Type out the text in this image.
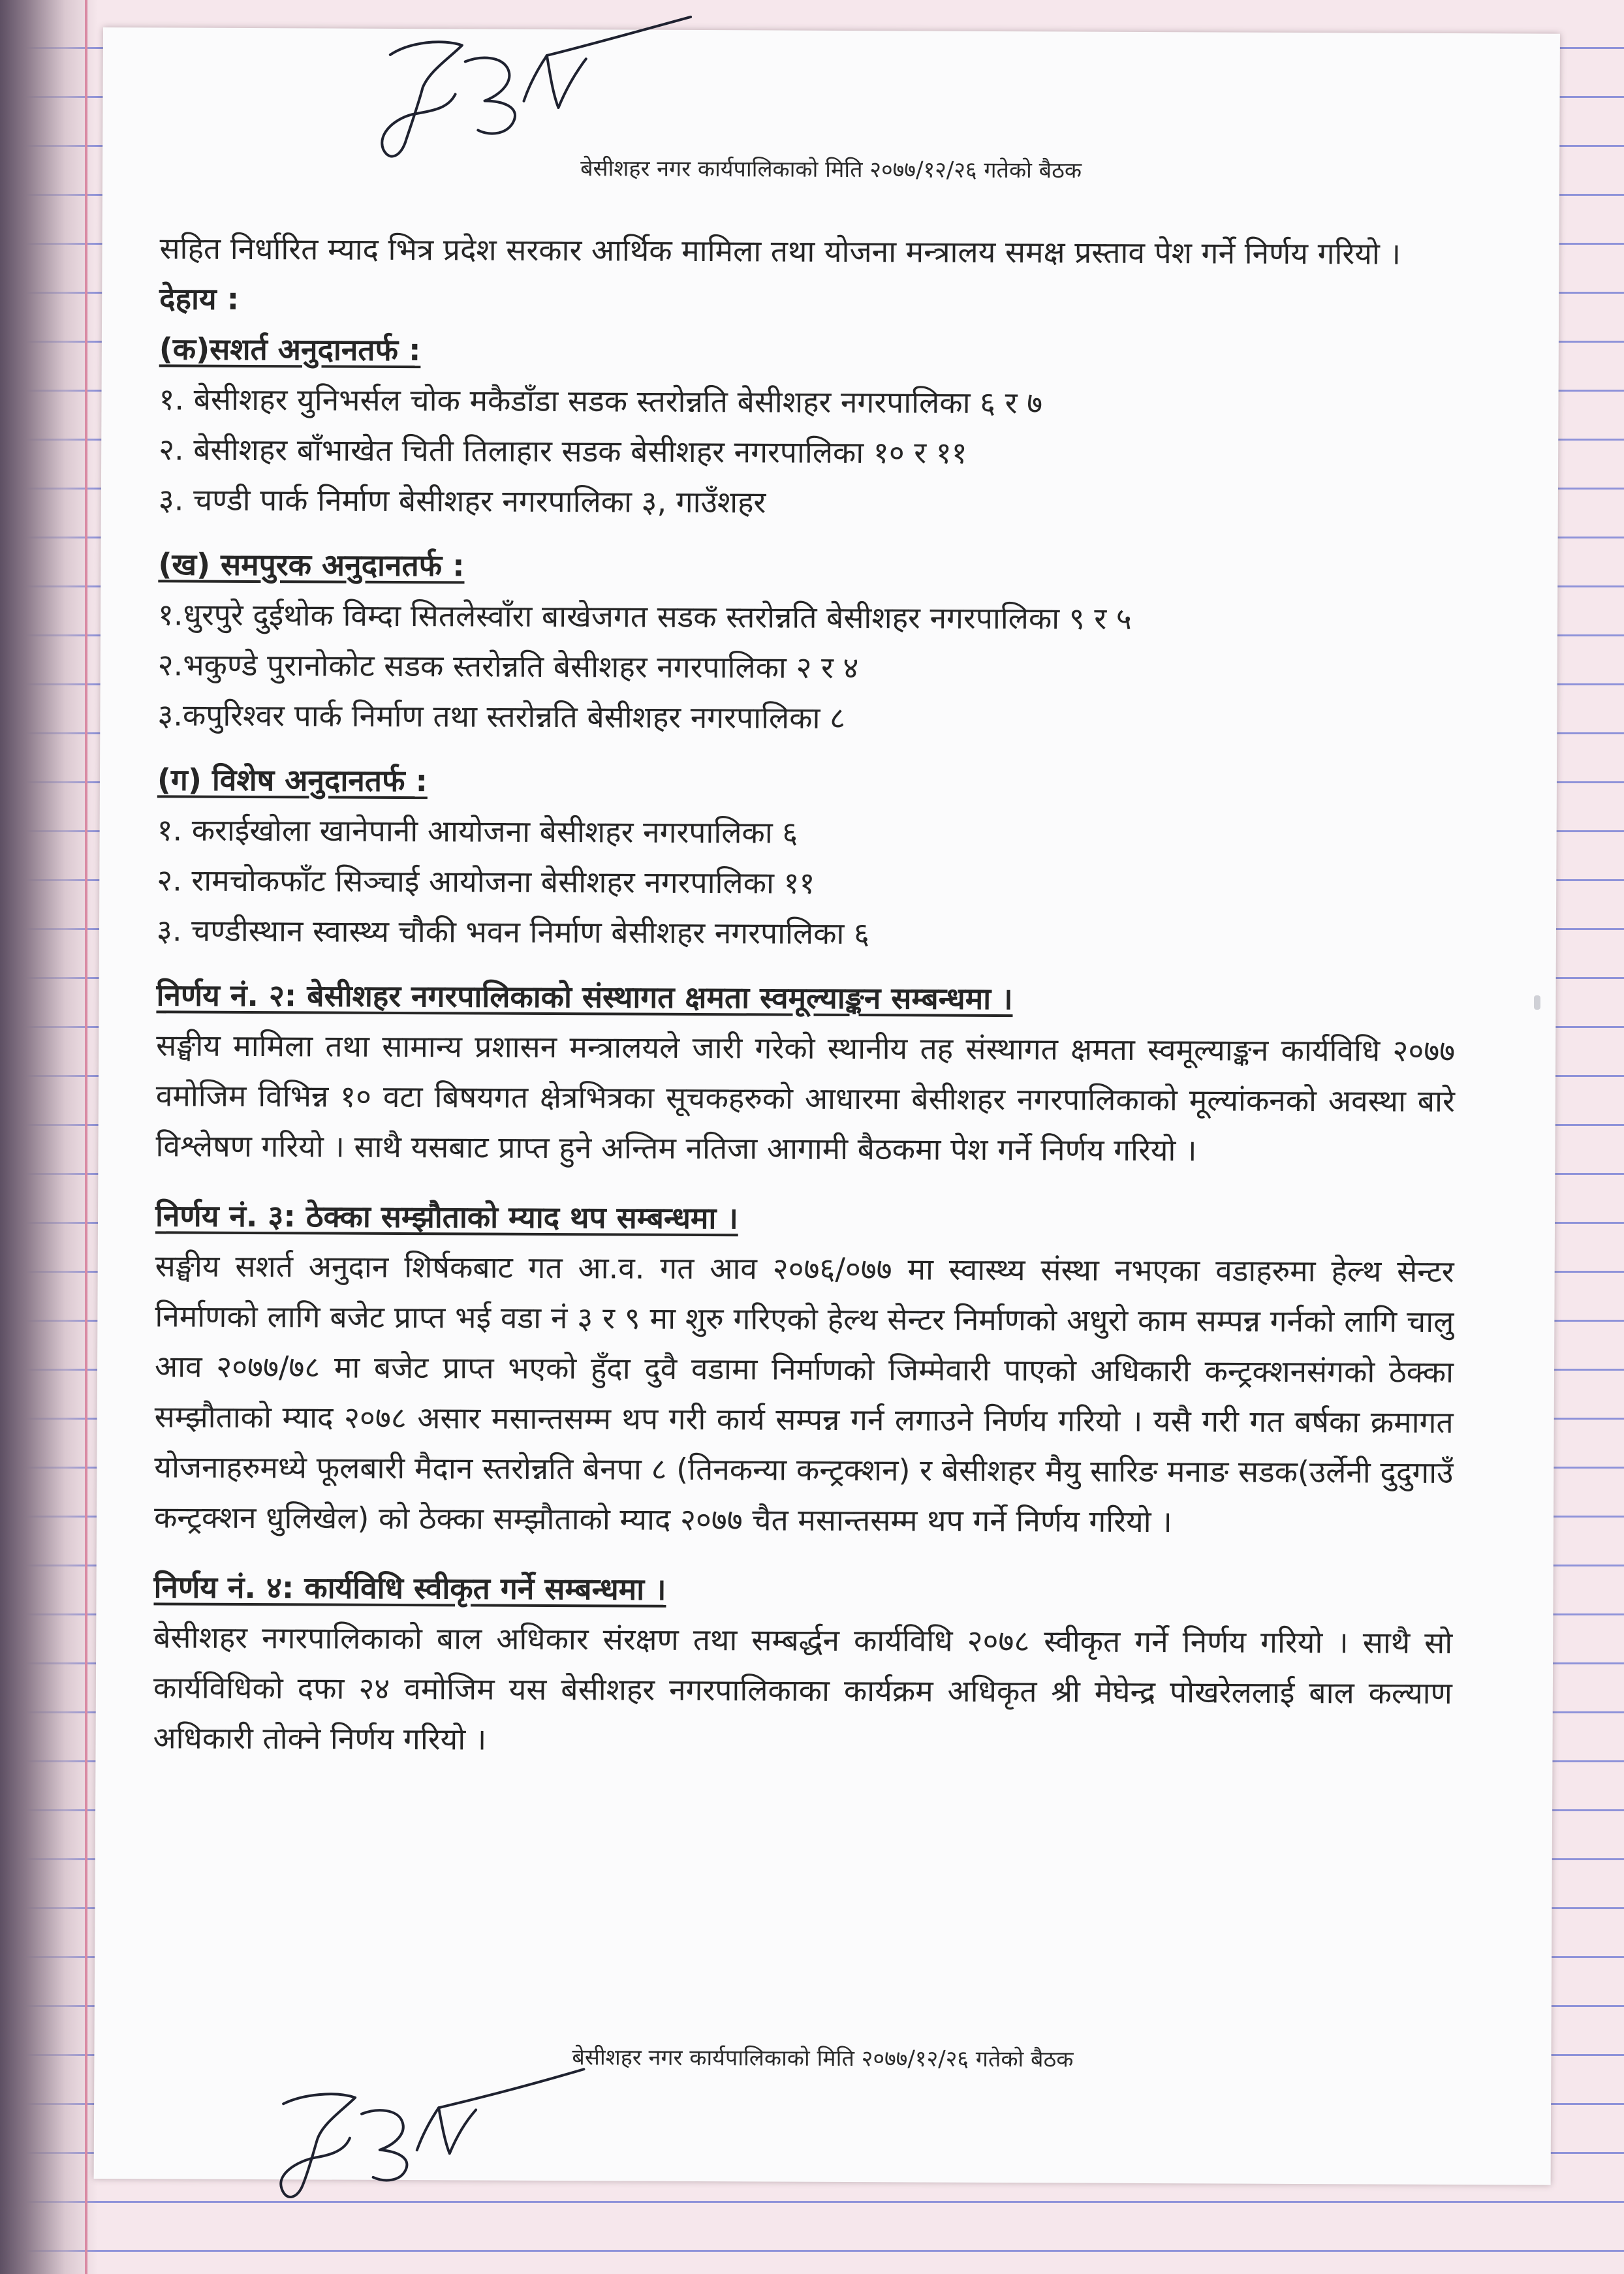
बेसीशहर नगर कार्यपालिकाको मिति २०७७/१२/२६ गतेको बैठक

सहित निर्धारित म्याद भित्र प्रदेश सरकार आर्थिक मामिला तथा योजना मन्त्रालय समक्ष प्रस्ताव पेश गर्ने निर्णय गरियो ।

देहाय :

(क)सशर्त अनुदानतर्फ :

१. बेसीशहर युनिभर्सल चोक मकैडाँडा सडक स्तरोन्नति बेसीशहर नगरपालिका ६ र ७
२. बेसीशहर बाँभाखेत चिती तिलाहार सडक बेसीशहर नगरपालिका १० र ११
३. चण्डी पार्क निर्माण बेसीशहर नगरपालिका ३, गाउँशहर

(ख) समपुरक अनुदानतर्फ :

१.धुरपुरे दुईथोक विम्दा सितलेस्वाँरा बाखेजगत सडक स्तरोन्नति बेसीशहर नगरपालिका ९ र ५
२.भकुण्डे पुरानोकोट सडक स्तरोन्नति बेसीशहर नगरपालिका २ र ४
३.कपुरिश्वर पार्क निर्माण तथा स्तरोन्नति बेसीशहर नगरपालिका ८

(ग) विशेष अनुदानतर्फ :

१. कराईखोला खानेपानी आयोजना बेसीशहर नगरपालिका ६
२. रामचोकफाँट सिञ्चाई आयोजना बेसीशहर नगरपालिका ११
३. चण्डीस्थान स्वास्थ्य चौकी भवन निर्माण बेसीशहर नगरपालिका ६

निर्णय नं. २: बेसीशहर नगरपालिकाको संस्थागत क्षमता स्वमूल्याङ्कन सम्बन्धमा ।

सङ्घीय मामिला तथा सामान्य प्रशासन मन्त्रालयले जारी गरेको स्थानीय तह संस्थागत क्षमता स्वमूल्याङ्कन कार्यविधि २०७७ वमोजिम विभिन्न १० वटा बिषयगत क्षेत्रभित्रका सूचकहरुको आधारमा बेसीशहर नगरपालिकाको मूल्यांकनको अवस्था बारे विश्लेषण गरियो । साथै यसबाट प्राप्त हुने अन्तिम नतिजा आगामी बैठकमा पेश गर्ने निर्णय गरियो ।

निर्णय नं. ३: ठेक्का सम्झौताको म्याद थप सम्बन्धमा ।

सङ्घीय सशर्त अनुदान शिर्षकबाट गत आ.व. गत आव २०७६/०७७ मा स्वास्थ्य संस्था नभएका वडाहरुमा हेल्थ सेन्टर निर्माणको लागि बजेट प्राप्त भई वडा नं ३ र ९ मा शुरु गरिएको हेल्थ सेन्टर निर्माणको अधुरो काम सम्पन्न गर्नको लागि चालु आव २०७७/७८ मा बजेट प्राप्त भएको हुँदा दुवै वडामा निर्माणको जिम्मेवारी पाएको अधिकारी कन्ट्रक्शनसंगको ठेक्का सम्झौताको म्याद २०७८ असार मसान्तसम्म थप गरी कार्य सम्पन्न गर्न लगाउने निर्णय गरियो । यसै गरी गत बर्षका क्रमागत योजनाहरुमध्ये फूलबारी मैदान स्तरोन्नति बेनपा ८ (तिनकन्या कन्ट्रक्शन) र बेसीशहर मैयु सारिङ मनाङ सडक(उर्लेनी दुदुगाउँ कन्ट्रक्शन धुलिखेल) को ठेक्का सम्झौताको म्याद २०७७ चैत मसान्तसम्म थप गर्ने निर्णय गरियो ।

निर्णय नं. ४: कार्यविधि स्वीकृत गर्ने सम्बन्धमा ।

बेसीशहर नगरपालिकाको बाल अधिकार संरक्षण तथा सम्बर्द्धन कार्यविधि २०७८ स्वीकृत गर्ने निर्णय गरियो । साथै सो कार्यविधिको दफा २४ वमोजिम यस बेसीशहर नगरपालिकाका कार्यक्रम अधिकृत श्री मेघेन्द्र पोखरेललाई बाल कल्याण अधिकारी तोक्ने निर्णय गरियो ।

बेसीशहर नगर कार्यपालिकाको मिति २०७७/१२/२६ गतेको बैठक
